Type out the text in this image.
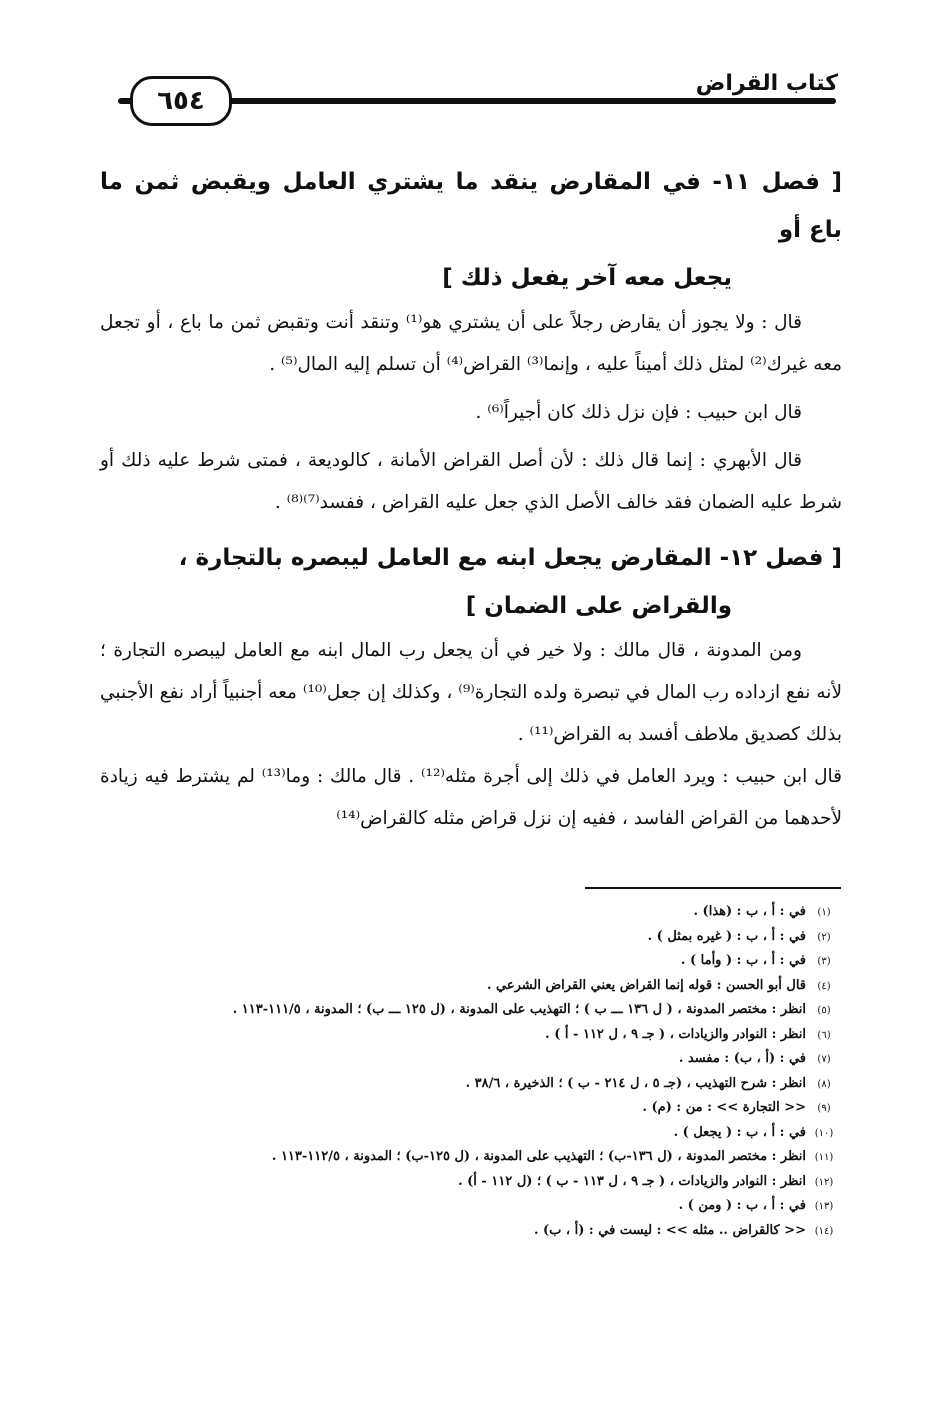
٦٥٤
كتاب القراض
[ فصل ١١- في المقارض ينقد ما يشتري العامل ويقبض ثمن ما باع أو
يجعل معه آخر يفعل ذلك ]

قال : ولا يجوز أن يقارض رجلاً على أن يشتري هو⁽¹⁾ وتنقد أنت وتقبض ثمن ما باع ، أو تجعل معه غيرك⁽²⁾ لمثل ذلك أميناً عليه ، وإنما⁽³⁾ القراض⁽⁴⁾ أن تسلم إليه المال⁽⁵⁾ .

قال ابن حبيب : فإن نزل ذلك كان أجيراً⁽⁶⁾ .

قال الأبهري : إنما قال ذلك : لأن أصل القراض الأمانة ، كالوديعة ، فمتى شرط عليه ذلك أو شرط عليه الضمان فقد خالف الأصل الذي جعل عليه القراض ، ففسد⁽⁷⁾⁽⁸⁾ .

[ فصل ١٢- المقارض يجعل ابنه مع العامل ليبصره بالتجارة ،
والقراض على الضمان ]

ومن المدونة ، قال مالك : ولا خير في أن يجعل رب المال ابنه مع العامل ليبصره التجارة ؛ لأنه نفع ازداده رب المال في تبصرة ولده التجارة⁽⁹⁾ ، وكذلك إن جعل⁽¹⁰⁾ معه أجنبياً أراد نفع الأجنبي بذلك كصديق ملاطف أفسد به القراض⁽¹¹⁾ .

قال ابن حبيب : ويرد العامل في ذلك إلى أجرة مثله⁽¹²⁾ . قال مالك : وما⁽¹³⁾ لم يشترط فيه زيادة لأحدهما من القراض الفاسد ، ففيه إن نزل قراض مثله كالقراض⁽¹⁴⁾

(١)
في : أ ، ب : (هذا) .
(٢)
في : أ ، ب : ( غيره بمثل ) .
(٣)
في : أ ، ب : ( وأما ) .
(٤)
قال أبو الحسن : قوله إنما القراض يعني القراض الشرعي .
(٥)
انظر : مختصر المدونة ، ( ل ١٣٦ ـــ ب ) ؛ التهذيب على المدونة ، (ل ١٢٥ ـــ ب) ؛ المدونة ، ١١١/٥-١١٣ .
(٦)
انظر : النوادر والزيادات ، ( جـ ٩ ، ل ١١٢ - أ ) .
(٧)
في : (أ ، ب) : مفسد .
(٨)
انظر : شرح التهذيب ، (جـ ٥ ، ل ٢١٤ - ب ) ؛ الذخيرة ، ٣٨/٦ .
(٩)
<< التجارة >> : من : (م) .
(١٠)
في : أ ، ب : ( يجعل ) .
(١١)
انظر : مختصر المدونة ، (ل ١٣٦-ب) ؛ التهذيب على المدونة ، (ل ١٢٥-ب) ؛ المدونة ، ١١٢/٥-١١٣ .
(١٢)
انظر : النوادر والزيادات ، ( جـ ٩ ، ل ١١٣ - ب ) ؛ (ل ١١٢ - أ) .
(١٣)
في : أ ، ب : ( ومن ) .
(١٤)
<< كالقراض .. مثله >> : ليست في : (أ ، ب) .
